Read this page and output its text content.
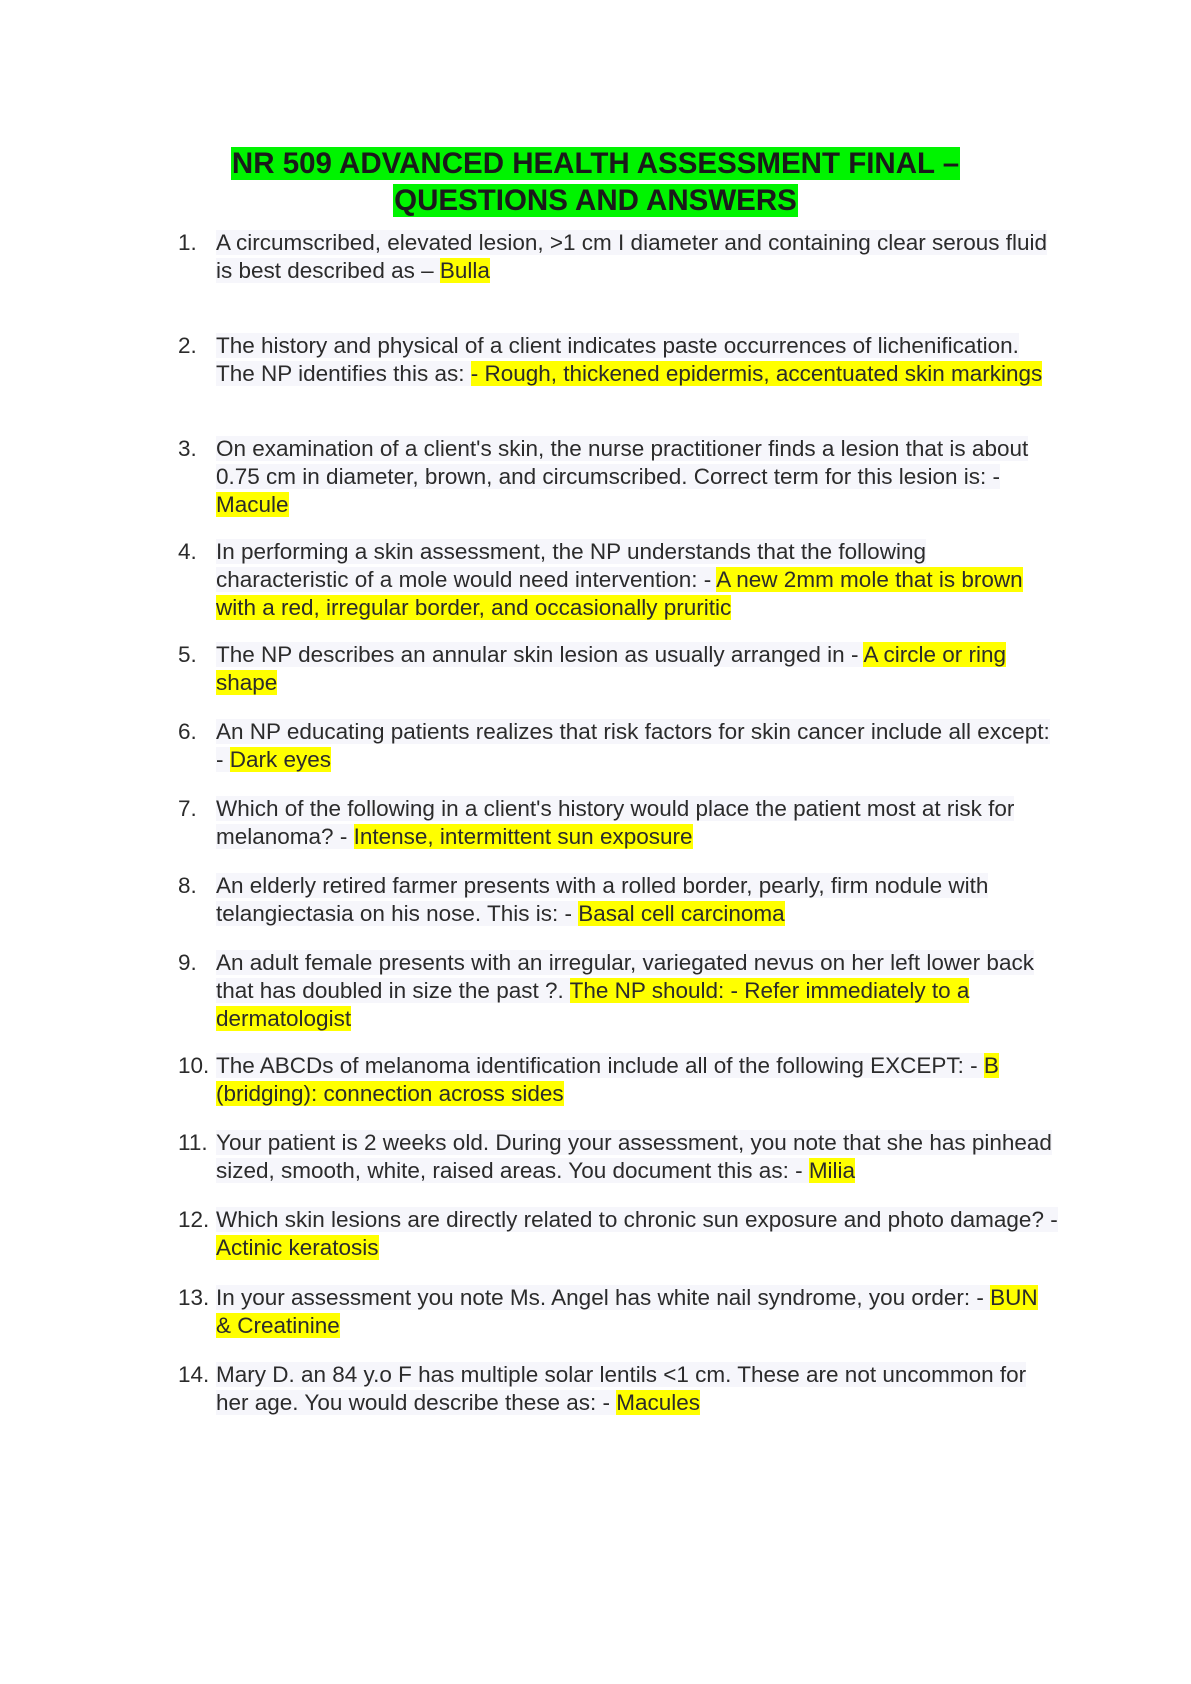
NR 509 ADVANCED HEALTH ASSESSMENT FINAL –
QUESTIONS AND ANSWERS
1. A circumscribed, elevated lesion, >1 cm I diameter and containing clear serous fluid is best described as – Bulla
2. The history and physical of a client indicates paste occurrences of lichenification. The NP identifies this as: - Rough, thickened epidermis, accentuated skin markings
3. On examination of a client's skin, the nurse practitioner finds a lesion that is about 0.75 cm in diameter, brown, and circumscribed. Correct term for this lesion is: - Macule
4. In performing a skin assessment, the NP understands that the following characteristic of a mole would need intervention: - A new 2mm mole that is brown with a red, irregular border, and occasionally pruritic
5. The NP describes an annular skin lesion as usually arranged in - A circle or ring shape
6. An NP educating patients realizes that risk factors for skin cancer include all except: - Dark eyes
7. Which of the following in a client's history would place the patient most at risk for melanoma? - Intense, intermittent sun exposure
8. An elderly retired farmer presents with a rolled border, pearly, firm nodule with telangiectasia on his nose. This is: - Basal cell carcinoma
9. An adult female presents with an irregular, variegated nevus on her left lower back that has doubled in size the past ?. The NP should: - Refer immediately to a dermatologist
10. The ABCDs of melanoma identification include all of the following EXCEPT: - B (bridging): connection across sides
11. Your patient is 2 weeks old. During your assessment, you note that she has pinhead sized, smooth, white, raised areas. You document this as: - Milia
12. Which skin lesions are directly related to chronic sun exposure and photo damage? - Actinic keratosis
13. In your assessment you note Ms. Angel has white nail syndrome, you order: - BUN & Creatinine
14. Mary D. an 84 y.o F has multiple solar lentils <1 cm. These are not uncommon for her age. You would describe these as: - Macules
